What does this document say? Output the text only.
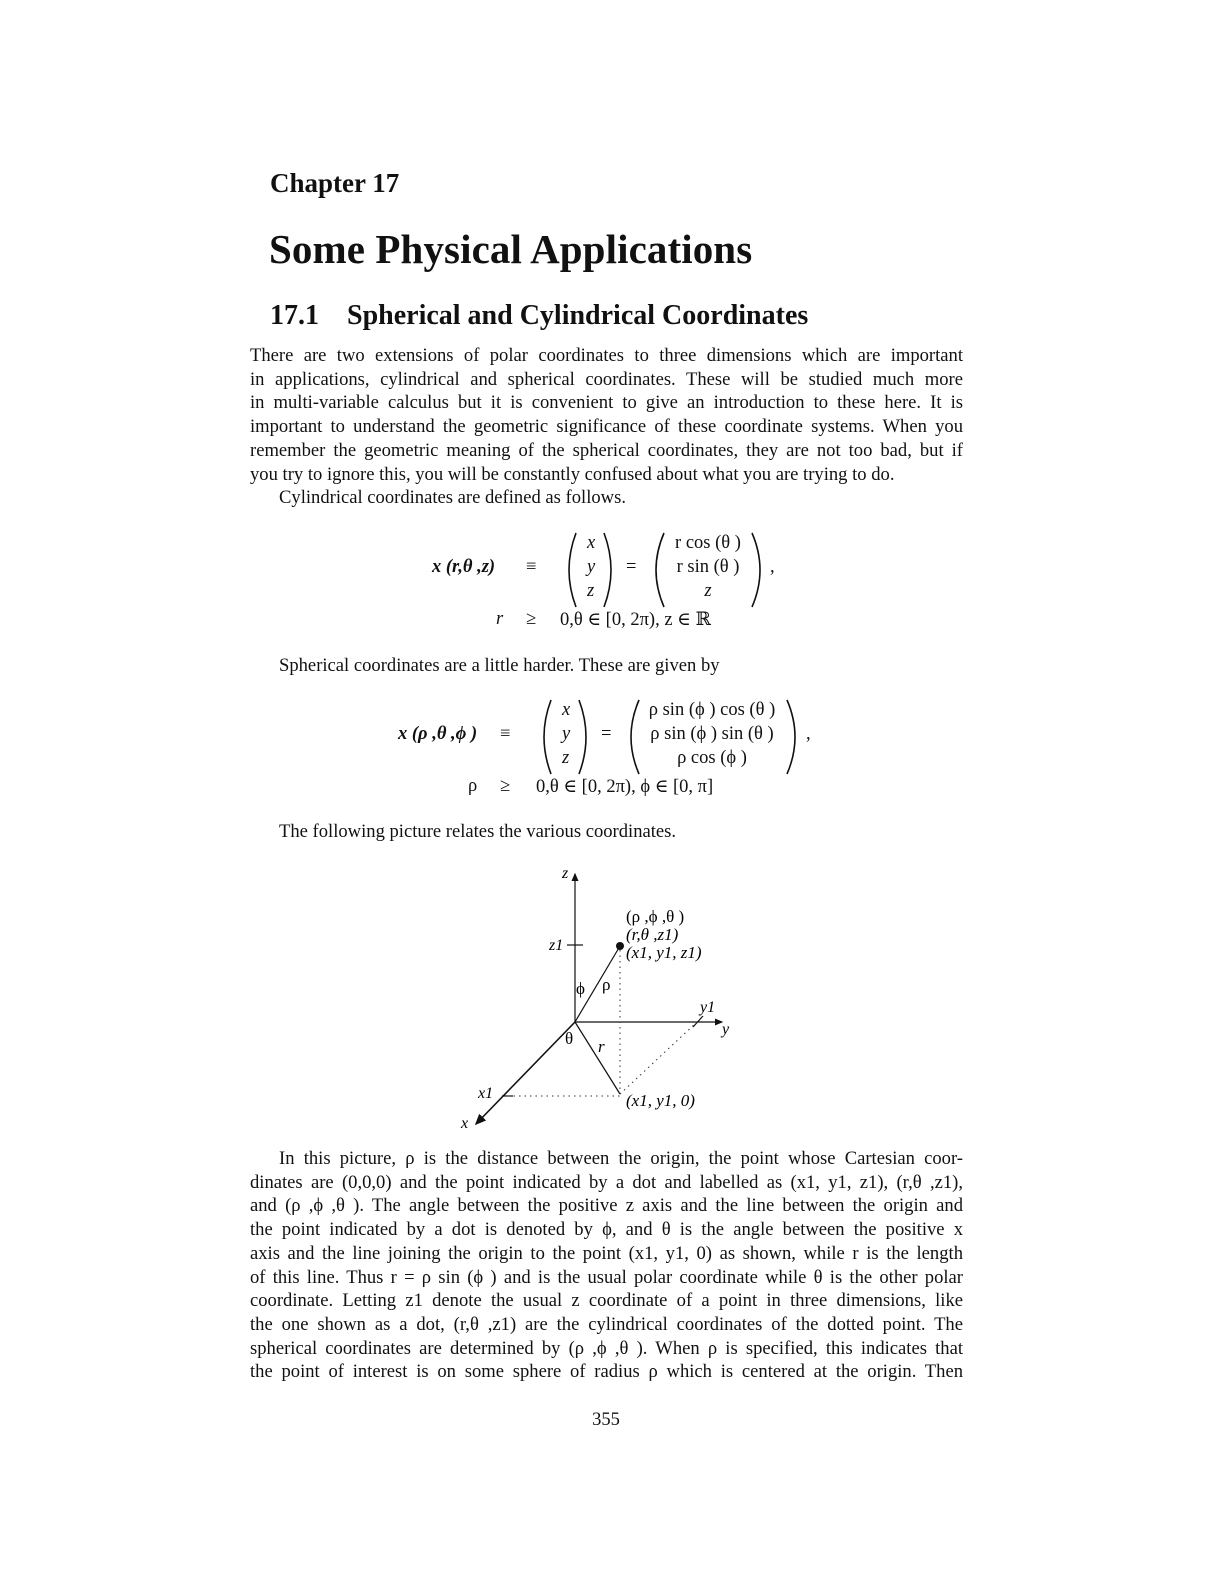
Chapter 17
Some Physical Applications
17.1 Spherical and Cylindrical Coordinates
There are two extensions of polar coordinates to three dimensions which are important
in applications, cylindrical and spherical coordinates. These will be studied much more
in multi-variable calculus but it is convenient to give an introduction to these here. It is
important to understand the geometric significance of these coordinate systems. When you
remember the geometric meaning of the spherical coordinates, they are not too bad, but if
you try to ignore this, you will be constantly confused about what you are trying to do.
Cylindrical coordinates are defined as follows.
x (r,θ ,z) ≡
x
y
z
=
r cos (θ )
r sin (θ )
z
,
r ≥ 0,θ ∈ [0, 2π), z ∈ ℝ
Spherical coordinates are a little harder. These are given by
x (ρ ,θ ,ϕ ) ≡
x
y
z
=
ρ sin (ϕ ) cos (θ )
ρ sin (ϕ ) sin (θ )
ρ cos (ϕ )
,
ρ ≥ 0,θ ∈ [0, 2π), ϕ ∈ [0, π]
The following picture relates the various coordinates.
z
y
x
z1
y1
x1
(ρ ,ϕ ,θ )
(r,θ ,z1)
(x1, y1, z1)
(x1, y1, 0)
ϕ ρ
θ r
In this picture, ρ is the distance between the origin, the point whose Cartesian coor-
dinates are (0,0,0) and the point indicated by a dot and labelled as (x1, y1, z1), (r,θ ,z1),
and (ρ ,ϕ ,θ ). The angle between the positive z axis and the line between the origin and
the point indicated by a dot is denoted by ϕ, and θ is the angle between the positive x
axis and the line joining the origin to the point (x1, y1, 0) as shown, while r is the length
of this line. Thus r = ρ sin (ϕ ) and is the usual polar coordinate while θ is the other polar
coordinate. Letting z1 denote the usual z coordinate of a point in three dimensions, like
the one shown as a dot, (r,θ ,z1) are the cylindrical coordinates of the dotted point. The
spherical coordinates are determined by (ρ ,ϕ ,θ ). When ρ is specified, this indicates that
the point of interest is on some sphere of radius ρ which is centered at the origin. Then
355
